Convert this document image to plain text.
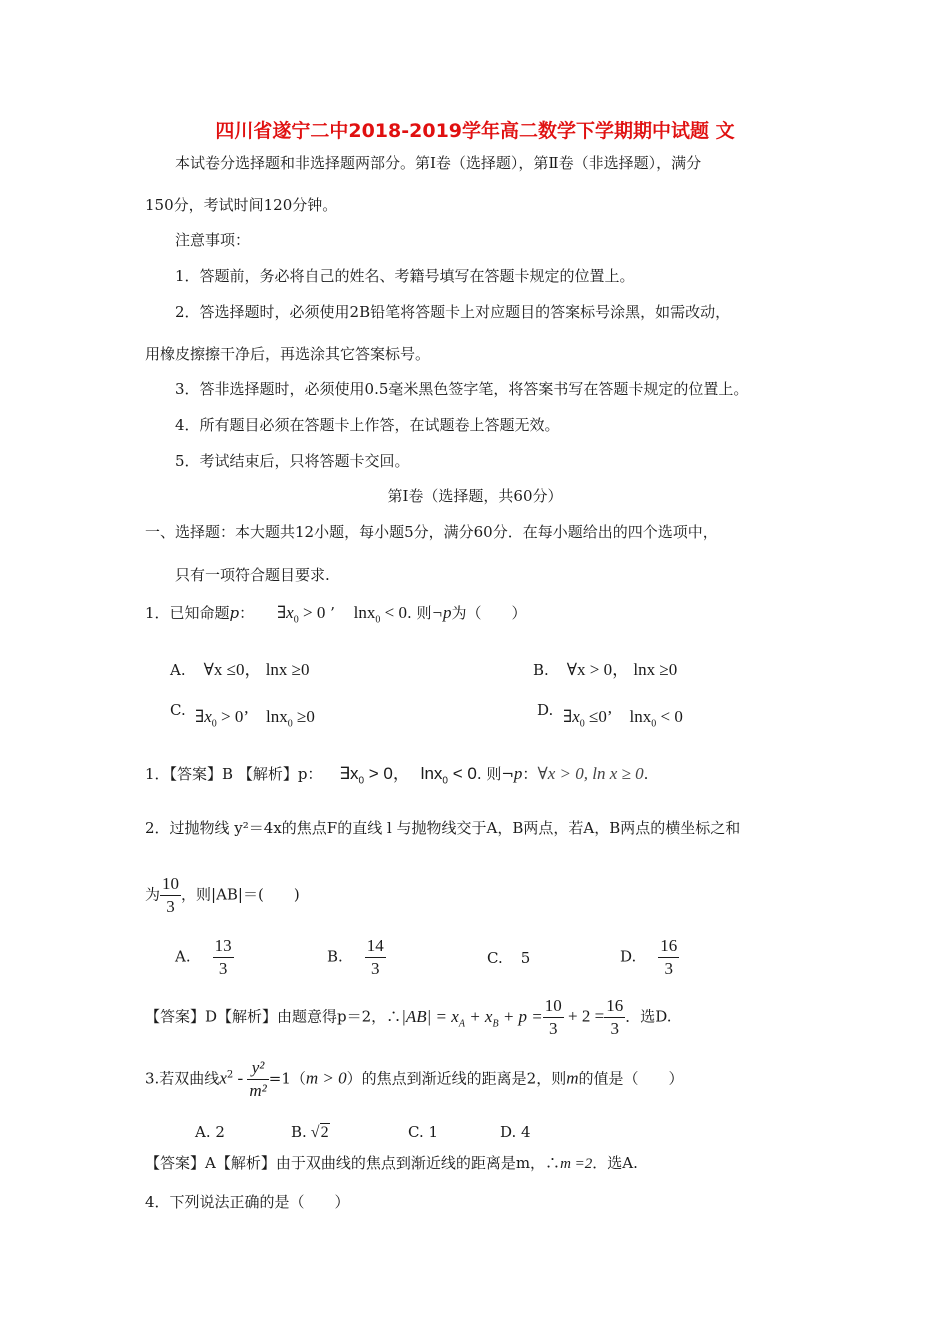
四川省遂宁二中2018-2019学年高二数学下学期期中试题 文
本试卷分选择题和非选择题两部分。第Ⅰ卷（选择题），第Ⅱ卷（非选择题），满分
150分，考试时间120分钟。
注意事项：
1．答题前，务必将自己的姓名、考籍号填写在答题卡规定的位置上。
2．答选择题时，必须使用2B铅笔将答题卡上对应题目的答案标号涂黑，如需改动，
用橡皮擦擦干净后，再选涂其它答案标号。
3．答非选择题时，必须使用0.5毫米黑色签字笔，将答案书写在答题卡规定的位置上。
4．所有题目必须在答题卡上作答，在试题卷上答题无效。
5．考试结束后，只将答题卡交回。
第Ⅰ卷（选择题，共60分）
一、选择题：本大题共12小题，每小题5分，满分60分．在每小题给出的四个选项中，
只有一项符合题目要求.
1．已知命题p： $\exists x_0 > 0$ ’ lnx$_0$ < 0. 则¬p为（　　）
A. ∀x ≤0， lnx ≥0	B. ∀x > 0， lnx ≥0
C. $\exists x_0 > 0$’ lnx$_0$ ≥0	D. $\exists x_0 \le 0$’ lnx$_0$ < 0
1．【答案】B 【解析】p： $\exists x_0 > 0$， lnx$_0$ < 0. 则¬p：∀x > 0, ln x ≥ 0.
2．过抛物线 y²＝4x的焦点F的直线 l 与抛物线交于A，B两点，若A，B两点的横坐标之和
为 $\frac{10}{3}$ ，则|AB|＝(　　)
A. $\frac{13}{3}$	B. $\frac{14}{3}$	C. 5	D. $\frac{16}{3}$
【答案】D【解析】由题意得p＝2，∴|AB| = $x_A + x_B + p = \frac{10}{3} + 2 = \frac{16}{3}$ ．选D.
3.若双曲线$x^2 - \frac{\text{y²}}{\text{m²}} =1(m > 0)$的焦点到渐近线的距离是2，则m的值是（　　）
A. 2	B. √2	C. 1	D. 4
【答案】A【解析】由于双曲线的焦点到渐近线的距离是m，∴m =2．选A.
4．下列说法正确的是（　　）
